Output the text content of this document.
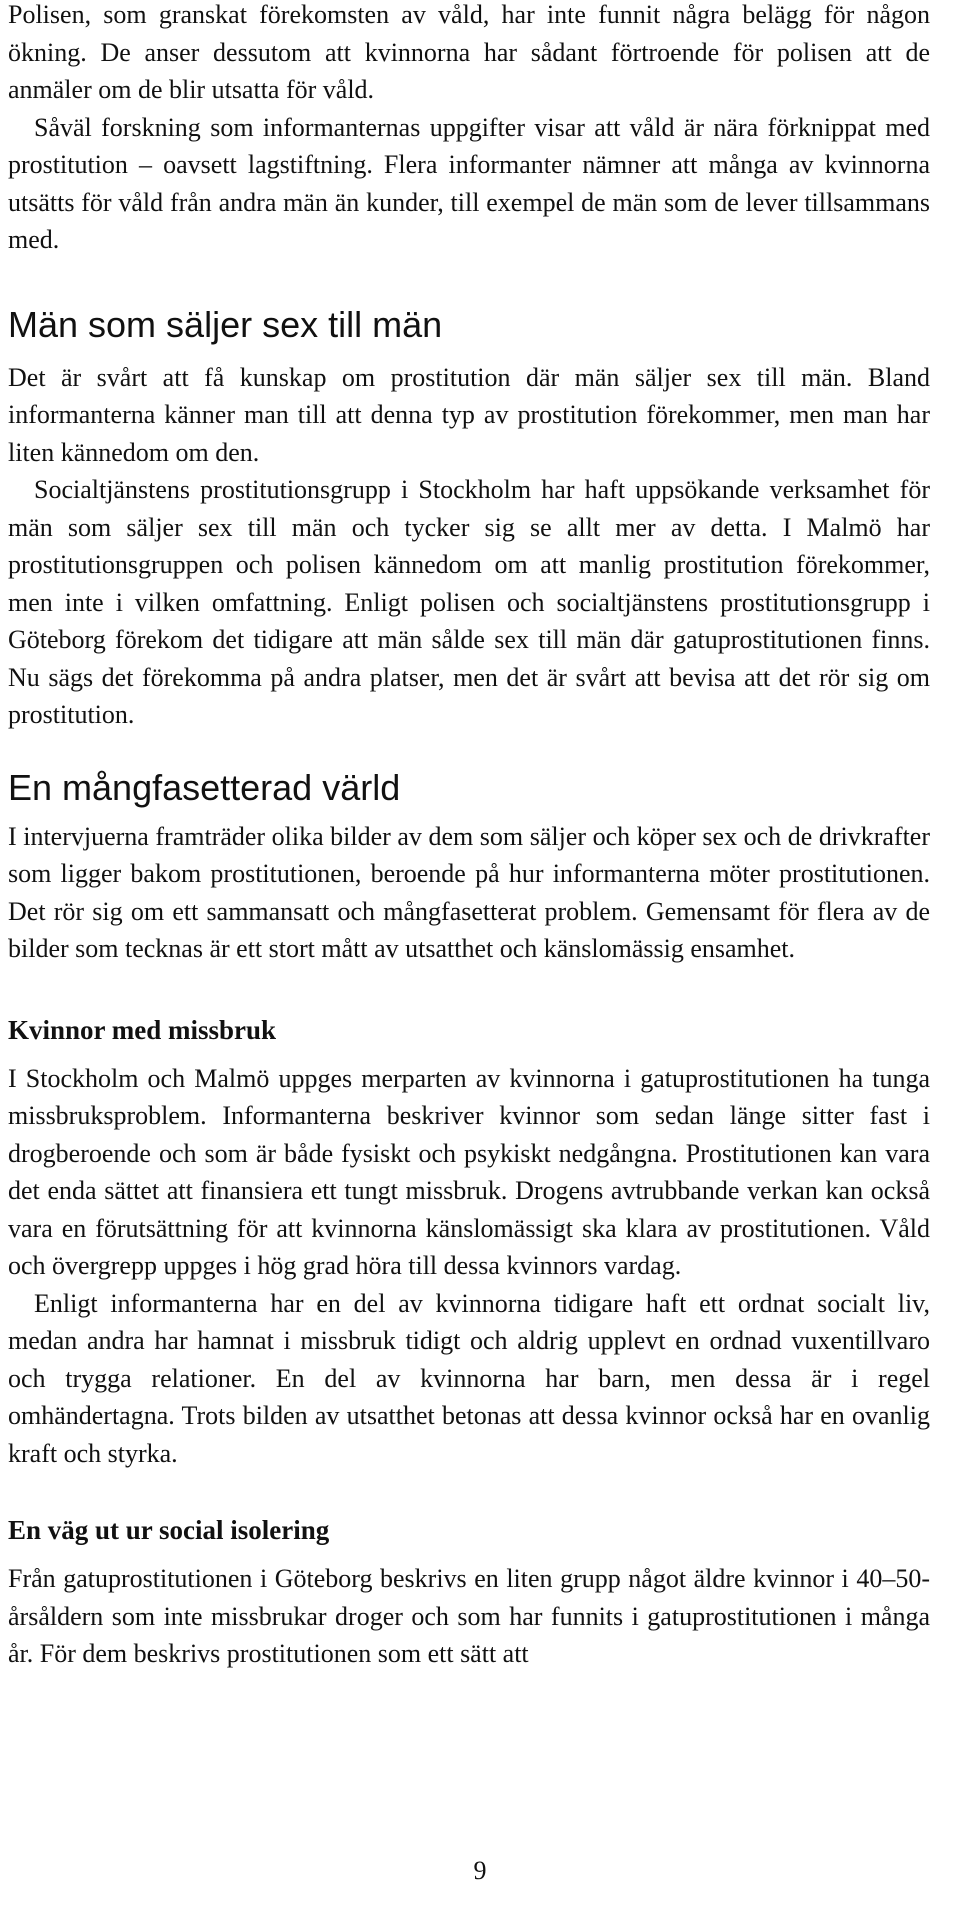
Polisen, som granskat förekomsten av våld, har inte funnit några belägg för någon ökning. De anser dessutom att kvinnorna har sådant förtroende för polisen att de anmäler om de blir utsatta för våld.

Såväl forskning som informanternas uppgifter visar att våld är nära förknippat med prostitution – oavsett lagstiftning. Flera informanter nämner att många av kvinnorna utsätts för våld från andra män än kunder, till exempel de män som de lever tillsammans med.

Män som säljer sex till män

Det är svårt att få kunskap om prostitution där män säljer sex till män. Bland informanterna känner man till att denna typ av prostitution förekommer, men man har liten kännedom om den.

Socialtjänstens prostitutionsgrupp i Stockholm har haft uppsökande verksamhet för män som säljer sex till män och tycker sig se allt mer av detta. I Malmö har prostitutionsgruppen och polisen kännedom om att manlig prostitution förekommer, men inte i vilken omfattning. Enligt polisen och socialtjänstens prostitutionsgrupp i Göteborg förekom det tidigare att män sålde sex till män där gatuprostitutionen finns. Nu sägs det förekomma på andra platser, men det är svårt att bevisa att det rör sig om prostitution.

En mångfasetterad värld

I intervjuerna framträder olika bilder av dem som säljer och köper sex och de drivkrafter som ligger bakom prostitutionen, beroende på hur informanterna möter prostitutionen. Det rör sig om ett sammansatt och mångfasetterat problem. Gemensamt för flera av de bilder som tecknas är ett stort mått av utsatthet och känslomässig ensamhet.

Kvinnor med missbruk

I Stockholm och Malmö uppges merparten av kvinnorna i gatuprostitutionen ha tunga missbruksproblem. Informanterna beskriver kvinnor som sedan länge sitter fast i drogberoende och som är både fysiskt och psykiskt nedgångna. Prostitutionen kan vara det enda sättet att finansiera ett tungt missbruk. Drogens avtrubbande verkan kan också vara en förutsättning för att kvinnorna känslomässigt ska klara av prostitutionen. Våld och övergrepp uppges i hög grad höra till dessa kvinnors vardag.

Enligt informanterna har en del av kvinnorna tidigare haft ett ordnat socialt liv, medan andra har hamnat i missbruk tidigt och aldrig upplevt en ordnad vuxentillvaro och trygga relationer. En del av kvinnorna har barn, men dessa är i regel omhändertagna. Trots bilden av utsatthet betonas att dessa kvinnor också har en ovanlig kraft och styrka.

En väg ut ur social isolering

Från gatuprostitutionen i Göteborg beskrivs en liten grupp något äldre kvinnor i 40–50-årsåldern som inte missbrukar droger och som har funnits i gatuprostitutionen i många år. För dem beskrivs prostitutionen som ett sätt att

9
